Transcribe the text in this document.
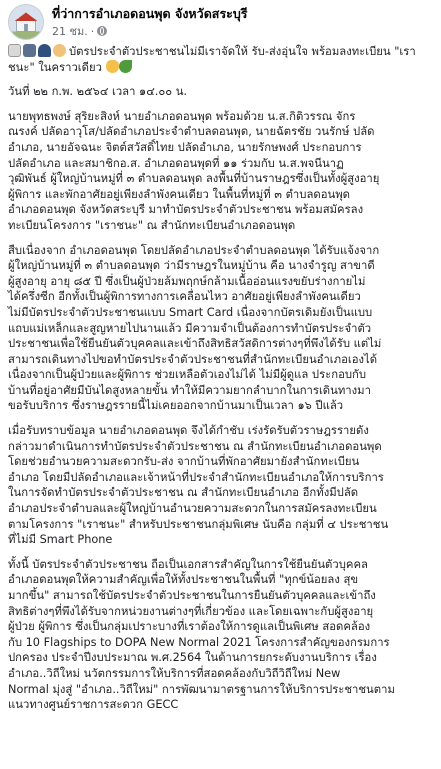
ที่ว่าการอำเภอดอนพุด จังหวัดสระบุรี
21 ชม. ·

บัตรประจำตัวประชาชนไม่มีเราจัดให้ รับ-ส่งอุ่นใจ พร้อมลงทะเบียน "เราชนะ" ในคราวเดียว

วันที่ ๒๒ ก.พ. ๒๕๖๔ เวลา ๑๔.๐๐ น.

นายพุทธพงษ์ สุริยะสิงห์ นายอำเภอดอนพุด พร้อมด้วย น.ส.กิติวรรณ จักร

ณรงค์ ปลัดอาวุโส/ปลัดอำเภอประจำตำบลดอนพุด, นายฉัตรชัย วนรักษ์ ปลัด

อำเภอ, นายอัจฉนะ จิตต์สวัสดิ์ไทย ปลัดอำเภอ, นายรักษพงศ์ ประกอบการ

ปลัดอำเภอ และสมาชิกอ.ส. อำเภอดอนพุดที่ ๑๑ ร่วมกับ น.ส.พจนีนาฏ

วุฒิพันธ์ ผู้ใหญ่บ้านหมู่ที่ ๓ ตำบลดอนพุด ลงพื้นที่บ้านราษฎรซึ่งเป็นทั้งผู้สูงอายุ

ผู้พิการ และพักอาศัยอยู่เพียงลำพังคนเดียว ในพื้นที่หมู่ที่ ๓ ตำบลดอนพุด

อำเภอดอนพุด จังหวัดสระบุรี มาทำบัตรประจำตัวประชาชน พร้อมสมัครลง

ทะเบียนโครงการ "เราชนะ" ณ สำนักทะเบียนอำเภอดอนพุด

สืบเนื่องจาก อำเภอดอนพุด โดยปลัดอำเภอประจำตำบลดอนพุด ได้รับแจ้งจาก

ผู้ใหญ่บ้านหมู่ที่ ๓ ตำบลดอนพุด ว่ามีราษฎรในหมู่บ้าน คือ นางจำรูญ สาขาดี

ผู้สูงอายุ อายุ ๘๕ ปี ซึ่งเป็นผู้ป่วยล้มพฤกษ์กล้ามเนื้ออ่อนแรงขยับร่างกายไม่

ได้ครึ่งซีก อีกทั้งเป็นผู้พิการทางการเคลื่อนไหว อาศัยอยู่เพียงลำพังคนเดียว

ไม่มีบัตรประจำตัวประชาชนแบบ Smart Card เนื่องจากบัตรเดิมยังเป็นแบบ

แถบแม่เหล็กและสูญหายไปนานแล้ว มีความจำเป็นต้องการทำบัตรประจำตัว

ประชาชนเพื่อใช้ยืนยันตัวบุคคลและเข้าถึงสิทธิสวัสดิการต่างๆที่พึงได้รับ แต่ไม่

สามารถเดินทางไปขอทำบัตรประจำตัวประชาชนที่สำนักทะเบียนอำเภอเองได้

เนื่องจากเป็นผู้ป่วยและผู้พิการ ช่วยเหลือตัวเองไม่ได้ ไม่มีผู้ดูแล ประกอบกับ

บ้านที่อยู่อาศัยมีบันไดสูงหลายขั้น ทำให้มีความยากลำบากในการเดินทางมา

ขอรับบริการ ซึ่งราษฎรรายนี้ไม่เคยออกจากบ้านมาเป็นเวลา ๑๖ ปีแล้ว

เมื่อรับทราบข้อมูล นายอำเภอดอนพุด จึงได้กำชับ เร่งรัดรับตัวราษฎรรายดัง

กล่าวมาดำเนินการทำบัตรประจำตัวประชาชน ณ สำนักทะเบียนอำเภอดอนพุด

โดยช่วยอำนวยความสะดวกรับ-ส่ง จากบ้านที่พักอาศัยมายังสำนักทะเบียน

อำเภอ โดยมีปลัดอำเภอและเจ้าหน้าที่ประจำสำนักทะเบียนอำเภอให้การบริการ

ในการจัดทำบัตรประจำตัวประชาชน ณ สำนักทะเบียนอำเภอ อีกทั้งมีปลัด

อำเภอประจำตำบลและผู้ใหญ่บ้านอำนวยความสะดวกในการสมัครลงทะเบียน

ตามโครงการ "เราชนะ" สำหรับประชาชนกลุ่มพิเศษ นับคือ กลุ่มที่ ๔ ประชาชน

ที่ไม่มี Smart Phone

ทั้งนี้ บัตรประจำตัวประชาชน ถือเป็นเอกสารสำคัญในการใช้ยืนยันตัวบุคคล

อำเภอดอนพุดให้ความสำคัญเพื่อให้ทั้งประชาชนในพื้นที่ "ทุกข์น้อยลง สุข

มากขึ้น" สามารถใช้บัตรประจำตัวประชาชนในการยืนยันตัวบุคคลและเข้าถึง

สิทธิต่างๆที่พึงได้รับจากหน่วยงานต่างๆที่เกี่ยวข้อง และโดยเฉพาะกับผู้สูงอายุ

ผู้ป่วย ผู้พิการ ซึ่งเป็นกลุ่มเปราะบางที่เราต้องให้การดูแลเป็นพิเศษ สอดคล้อง

กับ 10 Flagships to DOPA New Normal 2021 โครงการสำคัญของกรมการ

ปกครอง ประจำปีงบประมาณ พ.ศ.2564 ในด้านการยกระดับงานบริการ เรื่อง

อำเภอ..วิถีใหม่ นวัตกรรมการให้บริการที่สอดคล้องกับวิถีวิถีใหม่ New

Normal มุ่งสู่ "อำเภอ..วิถีใหม่" การพัฒนามาตรฐานการให้บริการประชาชนตาม

แนวทางศูนย์ราชการสะดวก GECC
